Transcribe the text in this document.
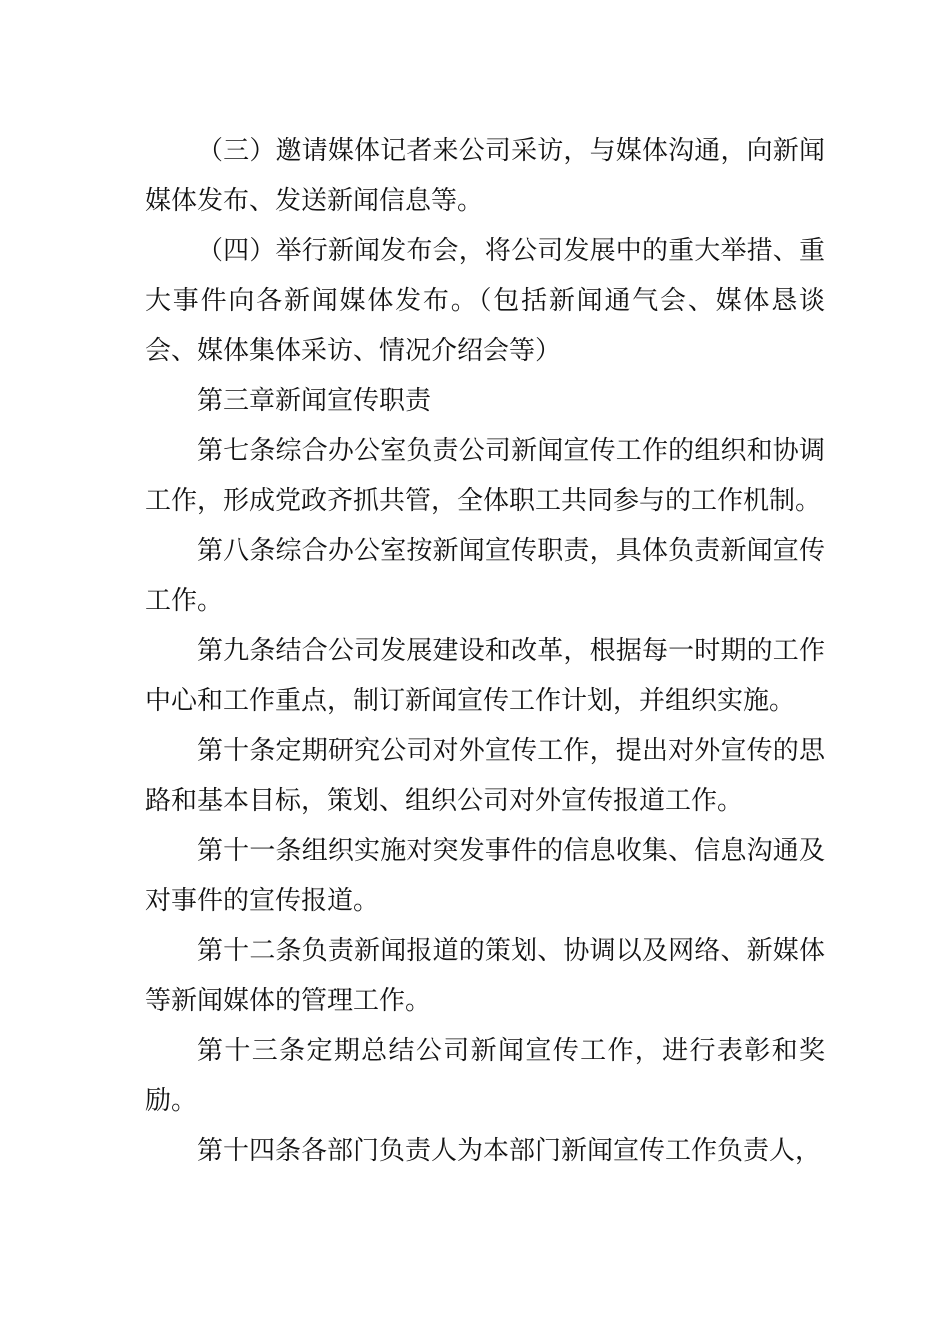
（三）邀请媒体记者来公司采访，与媒体沟通，向新闻媒体发布、发送新闻信息等。

（四）举行新闻发布会，将公司发展中的重大举措、重大事件向各新闻媒体发布。（包括新闻通气会、媒体恳谈会、媒体集体采访、情况介绍会等）

第三章新闻宣传职责

第七条综合办公室负责公司新闻宣传工作的组织和协调工作，形成党政齐抓共管，全体职工共同参与的工作机制。

第八条综合办公室按新闻宣传职责，具体负责新闻宣传工作。

第九条结合公司发展建设和改革，根据每一时期的工作中心和工作重点，制订新闻宣传工作计划，并组织实施。

第十条定期研究公司对外宣传工作，提出对外宣传的思路和基本目标，策划、组织公司对外宣传报道工作。

第十一条组织实施对突发事件的信息收集、信息沟通及对事件的宣传报道。

第十二条负责新闻报道的策划、协调以及网络、新媒体等新闻媒体的管理工作。

第十三条定期总结公司新闻宣传工作，进行表彰和奖励。

第十四条各部门负责人为本部门新闻宣传工作负责人，
